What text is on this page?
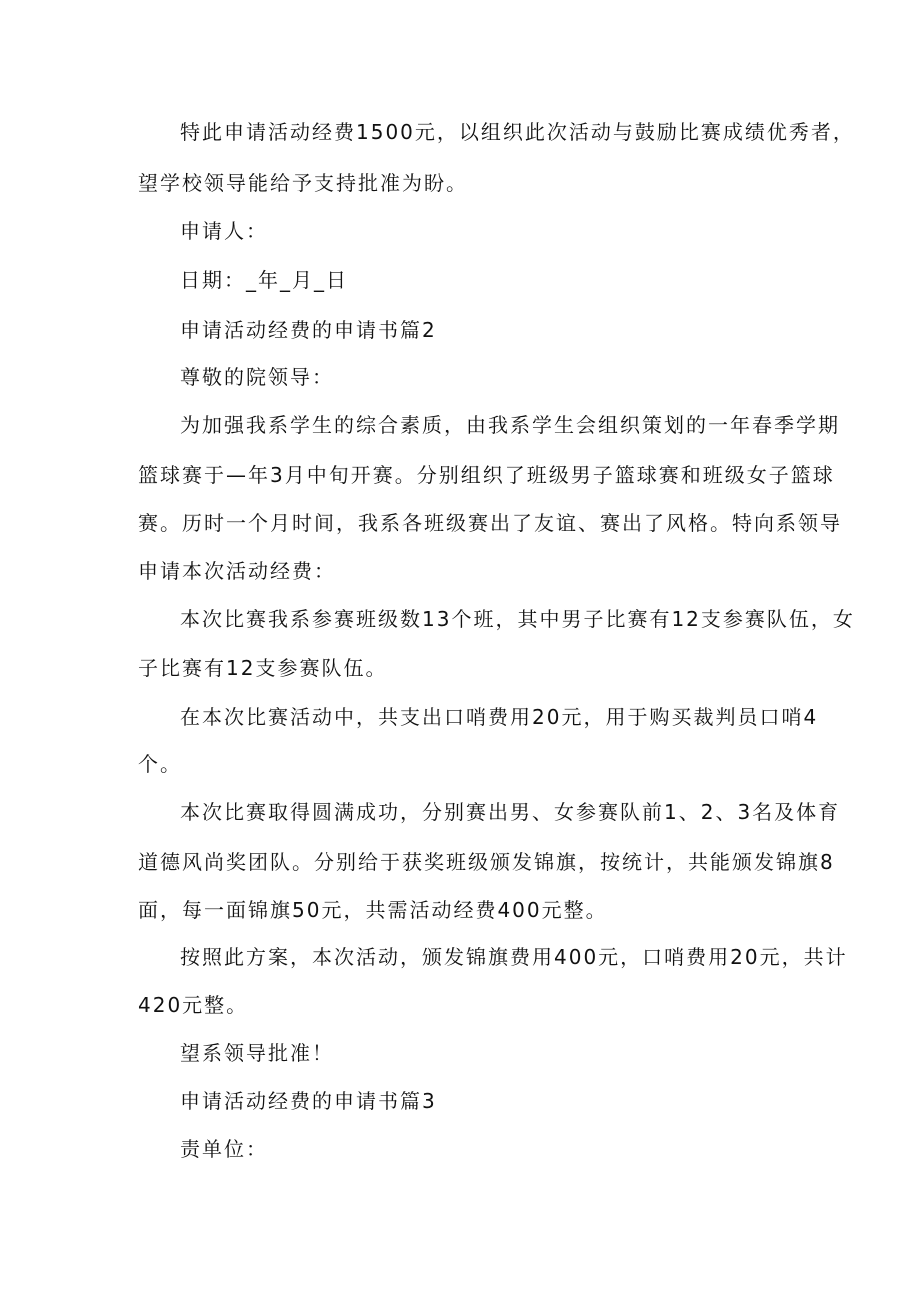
特此申请活动经费1500元，以组织此次活动与鼓励比赛成绩优秀者，
望学校领导能给予支持批准为盼。
申请人：
日期：_年_月_日
申请活动经费的申请书篇2
尊敬的院领导：
为加强我系学生的综合素质，由我系学生会组织策划的一年春季学期
篮球赛于—年3月中旬开赛。分别组织了班级男子篮球赛和班级女子篮球
赛。历时一个月时间，我系各班级赛出了友谊、赛出了风格。特向系领导
申请本次活动经费：
本次比赛我系参赛班级数13个班，其中男子比赛有12支参赛队伍，女
子比赛有12支参赛队伍。
在本次比赛活动中，共支出口哨费用20元，用于购买裁判员口哨4
个。
本次比赛取得圆满成功，分别赛出男、女参赛队前1、2、3名及体育
道德风尚奖团队。分别给于获奖班级颁发锦旗，按统计，共能颁发锦旗8
面，每一面锦旗50元，共需活动经费400元整。
按照此方案，本次活动，颁发锦旗费用400元，口哨费用20元，共计
420元整。
望系领导批准！
申请活动经费的申请书篇3
责单位：
